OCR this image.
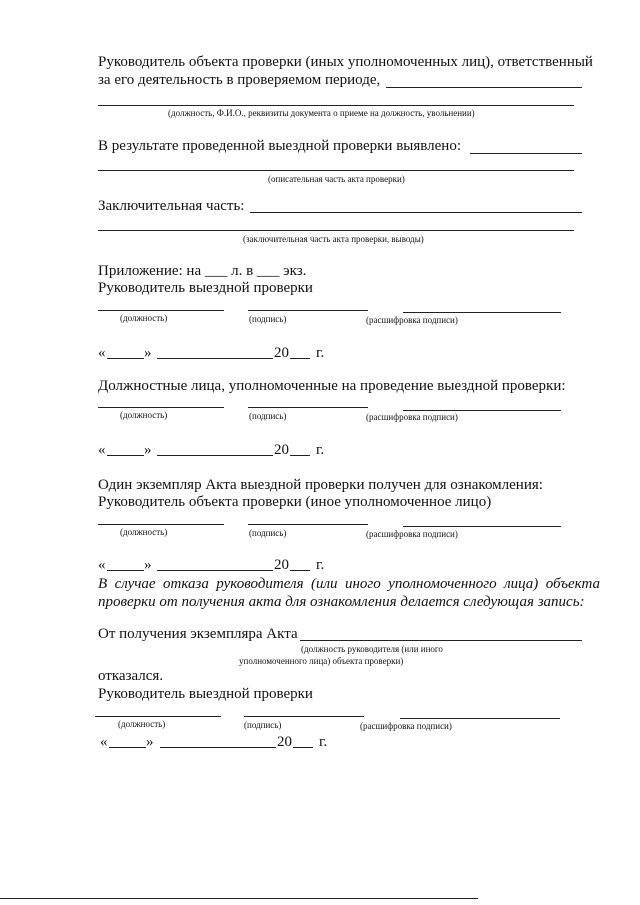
Руководитель объекта проверки (иных уполномоченных лиц), ответственный
за его деятельность в проверяемом периоде,
(должность, Ф.И.О., реквизиты документа о приеме на должность, увольнении)
В результате проведенной выездной проверки выявлено:
(описательная часть акта проверки)
Заключительная часть:
(заключительная часть акта проверки, выводы)
Приложение: на ___ л. в ___ экз.
Руководитель выездной проверки
(должность)	(подпись)	(расшифровка подписи)
«	»	20 г.
Должностные лица, уполномоченные на проведение выездной проверки:
(должность)	(подпись)	(расшифровка подписи)
«	»	20 г.
Один экземпляр Акта выездной проверки получен для ознакомления:
Руководитель объекта проверки (иное уполномоченное лицо)
(должность)	(подпись)	(расшифровка подписи)
«	»	20 г.
В случае отказа руководителя (или иного уполномоченного лица) объекта
проверки от получения акта для ознакомления делается следующая запись:
От получения экземпляра Акта
(должность руководителя (или иного
уполномоченного лица) объекта проверки)
отказался.
Руководитель выездной проверки
(должность)	(подпись)	(расшифровка подписи)
«	»	20 г.
